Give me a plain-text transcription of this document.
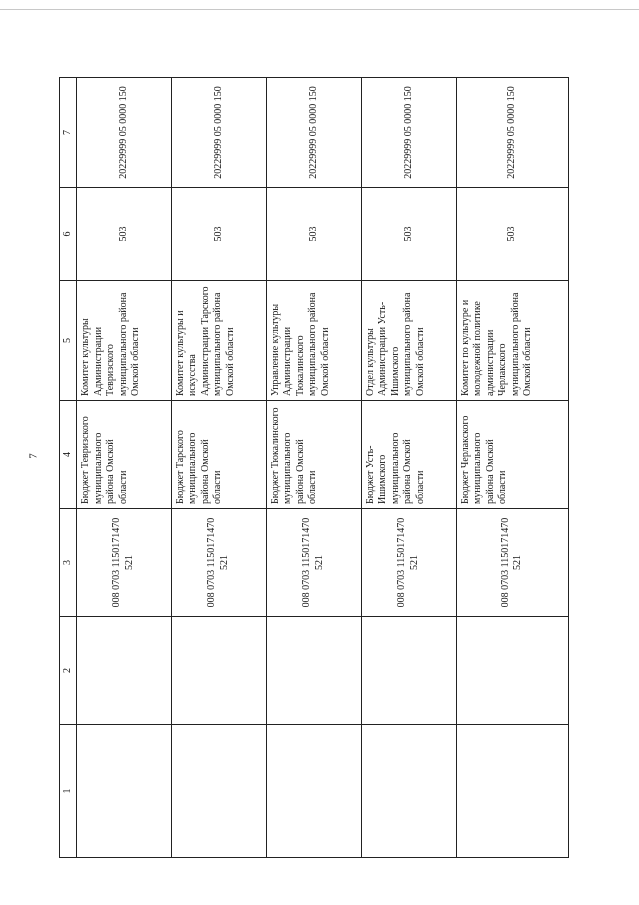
7
1	2	3	4	5	6	7
		008 0703 1150171470 521	Бюджет Тевризского муниципального района Омской области	Комитет культуры Администрации Тевризского муниципального района Омской области	503	20229999 05 0000 150
		008 0703 1150171470 521	Бюджет Тарского муниципального района Омской области	Комитет культуры и искусства Администрации Тарского муниципального района Омской области	503	20229999 05 0000 150
		008 0703 1150171470 521	Бюджет Тюкалинского муниципального района Омской области	Управление культуры Администрации Тюкалинского муниципального района Омской области	503	20229999 05 0000 150
		008 0703 1150171470 521	Бюджет Усть-Ишимского муниципального района Омской области	Отдел культуры Администрации Усть-Ишимского муниципального района Омской области	503	20229999 05 0000 150
		008 0703 1150171470 521	Бюджет Черлакского муниципального района Омской области	Комитет по культуре и молодежной политике администрации Черлакского муниципального района Омской области	503	20229999 05 0000 150
